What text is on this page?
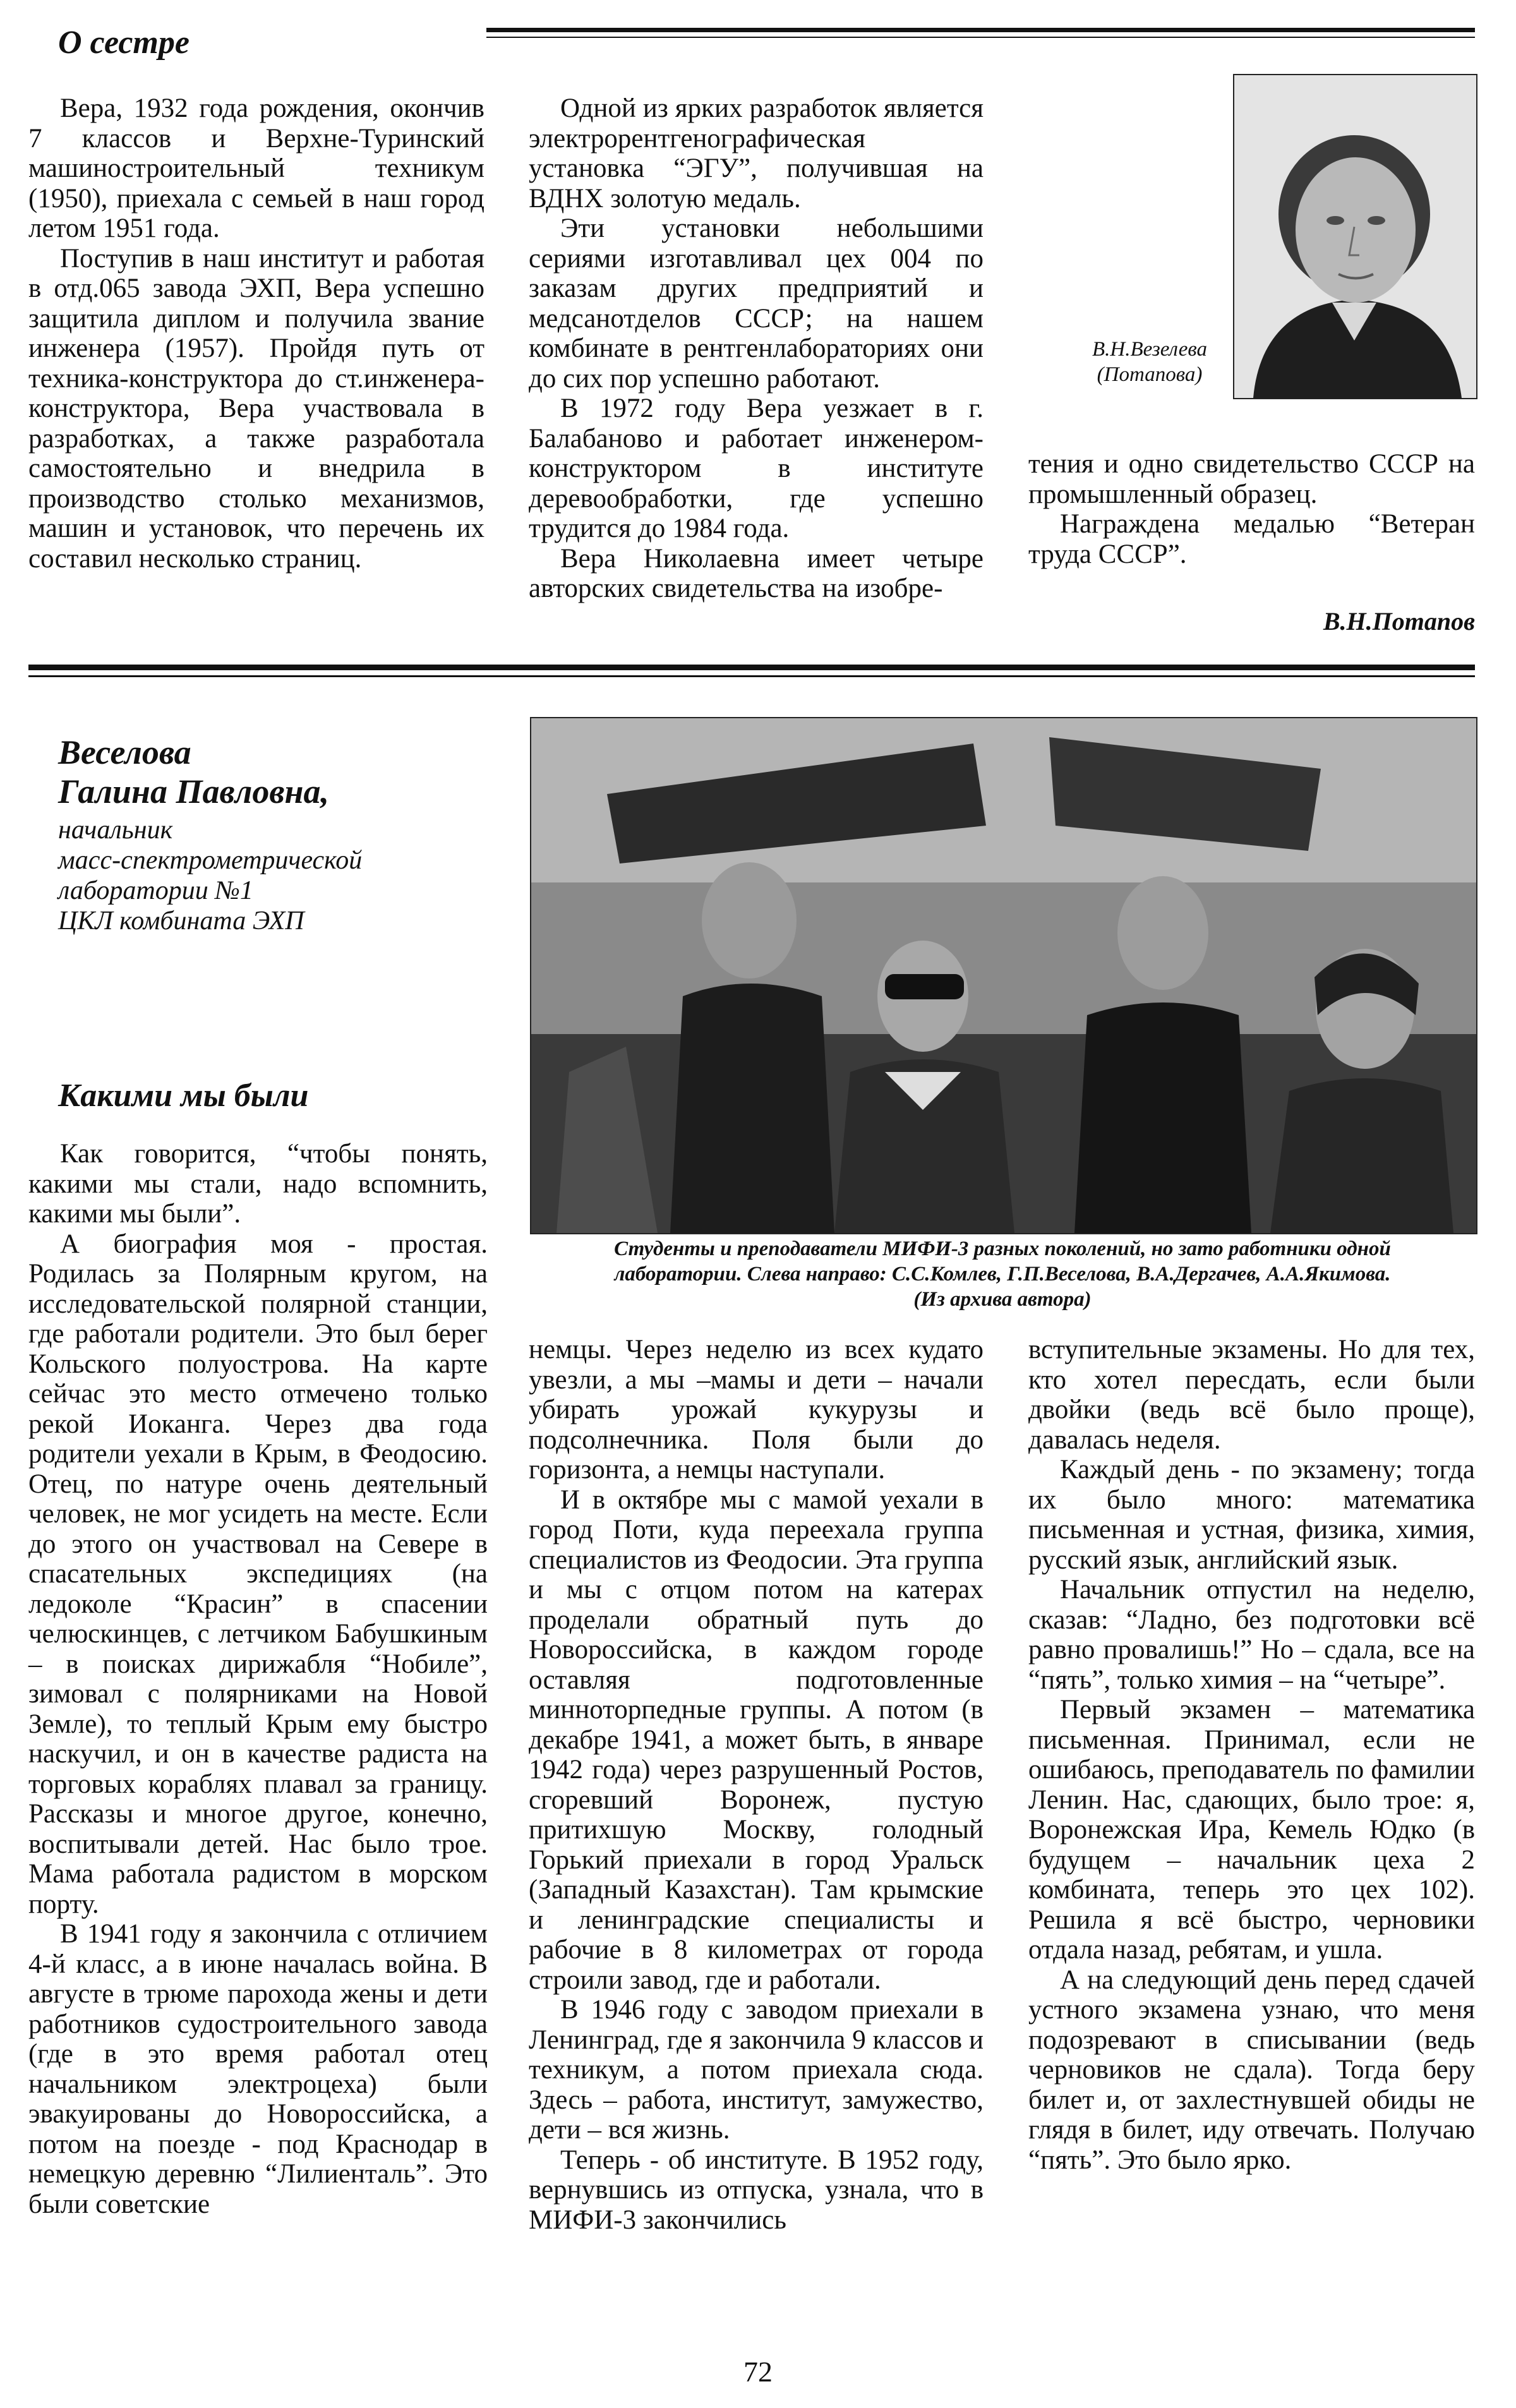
О сестре

Вера, 1932 года рождения, окончив 7 классов и Верхне-Туринский машиностроительный техникум (1950), приехала с семьей в наш город летом 1951 года.

Поступив в наш институт и работая в отд.065 завода ЭХП, Вера успешно защитила диплом и получила звание инженера (1957). Пройдя путь от техника-конструктора до ст.инженера-конструктора, Вера участвовала в разработках, а также разработала самостоятельно и внедрила в производство столько механизмов, машин и установок, что перечень их составил несколько страниц.

Одной из ярких разработок является электрорентгенографическая установка “ЭГУ”, получившая на ВДНХ золотую медаль.

Эти установки небольшими сериями изготавливал цех 004 по заказам других предприятий и медсанотделов СССР; на нашем комбинате в рентгенлабораториях они до сих пор успешно работают.

В 1972 году Вера уезжает в г. Балабаново и работает инженером-конструктором в институте деревообработки, где успешно трудится до 1984 года.

Вера Николаевна имеет четыре авторских свидетельства на изобре-

В.Н.Везелева
(Потапова)

тения и одно свидетельство СССР на промышленный образец.

Награждена медалью “Ветеран труда СССР”.

В.Н.Потапов
Веселова
Галина Павловна,
начальник
масс-спектрометрической
лаборатории №1
ЦКЛ комбината ЭХП
Какими мы были
Студенты и преподаватели МИФИ-3 разных поколений, но зато работники одной
лаборатории. Слева направо: С.С.Комлев, Г.П.Веселова, В.А.Дергачев, А.А.Якимова.
(Из архива автора)

Как говорится, “чтобы понять, какими мы стали, надо вспомнить, какими мы были”.

А биография моя - простая. Родилась за Полярным кругом, на исследовательской полярной станции, где работали родители. Это был берег Кольского полуострова. На карте сейчас это место отмечено только рекой Иоканга. Через два года родители уехали в Крым, в Феодосию. Отец, по натуре очень деятельный человек, не мог усидеть на месте. Если до этого он участвовал на Севере в спасательных экспедициях (на ледоколе “Красин” в спасении челюскинцев, с летчиком Бабушкиным – в поисках дирижабля “Нобиле”, зимовал с полярниками на Новой Земле), то теплый Крым ему быстро наскучил, и он в качестве радиста на торговых кораблях плавал за границу. Рассказы и многое другое, конечно, воспитывали детей. Нас было трое. Мама работала радистом в морском порту.

В 1941 году я закончила с отличием 4-й класс, а в июне началась война. В августе в трюме парохода жены и дети работников судостроительного завода (где в это время работал отец начальником электроцеха) были эвакуированы до Новороссийска, а потом на поезде - под Краснодар в немецкую деревню “Лилиенталь”. Это были советские

немцы. Через неделю из всех кудато увезли, а мы –мамы и дети – начали убирать урожай кукурузы и подсолнечника. Поля были до горизонта, а немцы наступали.

И в октябре мы с мамой уехали в город Поти, куда переехала группа специалистов из Феодосии. Эта группа и мы с отцом потом на катерах проделали обратный путь до Новороссийска, в каждом городе оставляя подготовленные минноторпедные группы. А потом (в декабре 1941, а может быть, в январе 1942 года) через разрушенный Ростов, сгоревший Воронеж, пустую притихшую Москву, голодный Горький приехали в город Уральск (Западный Казахстан). Там крымские и ленинградские специалисты и рабочие в 8 километрах от города строили завод, где и работали.

В 1946 году с заводом приехали в Ленинград, где я закончила 9 классов и техникум, а потом приехала сюда. Здесь – работа, институт, замужество, дети – вся жизнь.

Теперь - об институте. В 1952 году, вернувшись из отпуска, узнала, что в МИФИ-3 закончились

вступительные экзамены. Но для тех, кто хотел пересдать, если были двойки (ведь всё было проще), давалась неделя.

Каждый день - по экзамену; тогда их было много: математика письменная и устная, физика, химия, русский язык, английский язык.

Начальник отпустил на неделю, сказав: “Ладно, без подготовки всё равно провалишь!” Но – сдала, все на “пять”, только химия – на “четыре”.

Первый экзамен – математика письменная. Принимал, если не ошибаюсь, преподаватель по фамилии Ленин. Нас, сдающих, было трое: я, Воронежская Ира, Кемель Юдко (в будущем – начальник цеха 2 комбината, теперь это цех 102). Решила я всё быстро, черновики отдала назад, ребятам, и ушла.

А на следующий день перед сдачей устного экзамена узнаю, что меня подозревают в списывании (ведь черновиков не сдала). Тогда беру билет и, от захлестнувшей обиды не глядя в билет, иду отвечать. Получаю “пять”. Это было ярко.

72
